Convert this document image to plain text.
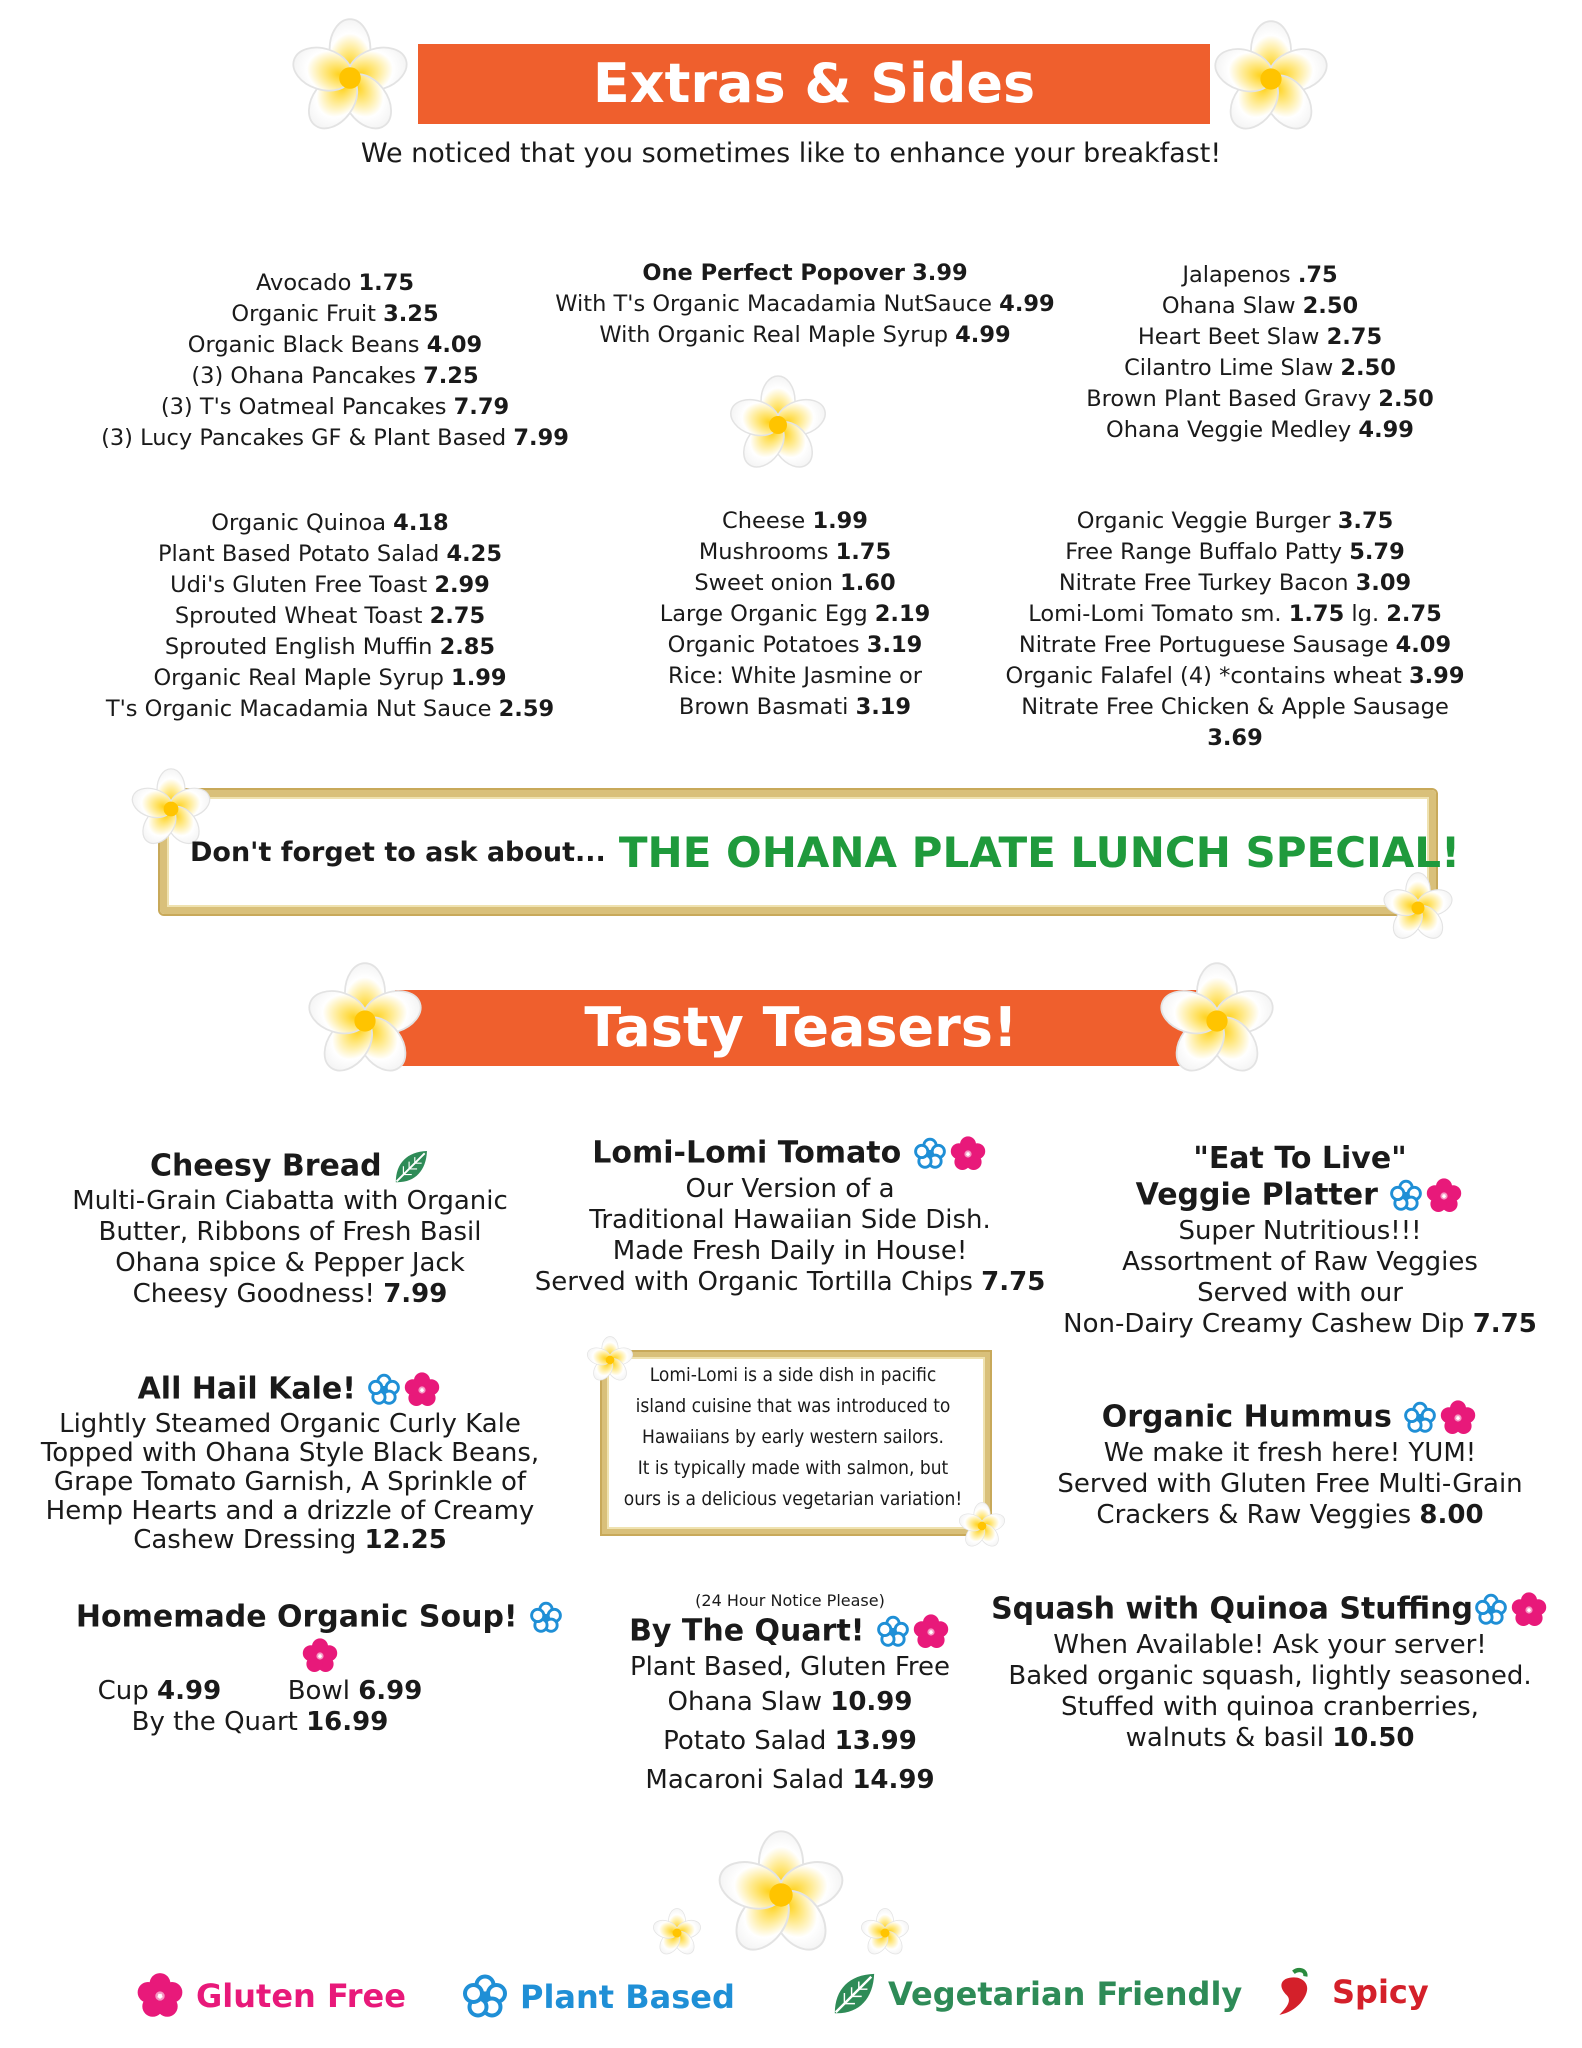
Extras & Sides
We noticed that you sometimes like to enhance your breakfast!
Avocado 1.75
Organic Fruit 3.25
Organic Black Beans 4.09
(3) Ohana Pancakes 7.25
(3) T's Oatmeal Pancakes 7.79
(3) Lucy Pancakes GF & Plant Based 7.99
One Perfect Popover 3.99
With T's Organic Macadamia NutSauce 4.99
With Organic Real Maple Syrup 4.99
Jalapenos .75
Ohana Slaw 2.50
Heart Beet Slaw 2.75
Cilantro Lime Slaw 2.50
Brown Plant Based Gravy 2.50
Ohana Veggie Medley 4.99
Organic Quinoa 4.18
Plant Based Potato Salad 4.25
Udi's Gluten Free Toast 2.99
Sprouted Wheat Toast 2.75
Sprouted English Muffin 2.85
Organic Real Maple Syrup 1.99
T's Organic Macadamia Nut Sauce 2.59
Cheese 1.99
Mushrooms 1.75
Sweet onion 1.60
Large Organic Egg 2.19
Organic Potatoes 3.19
Rice: White Jasmine or
Brown Basmati 3.19
Organic Veggie Burger 3.75
Free Range Buffalo Patty 5.79
Nitrate Free Turkey Bacon 3.09
Lomi-Lomi Tomato sm. 1.75 lg. 2.75
Nitrate Free Portuguese Sausage 4.09
Organic Falafel (4) *contains wheat 3.99
Nitrate Free Chicken & Apple Sausage 3.69
Don't forget to ask about... THE OHANA PLATE LUNCH SPECIAL!
Tasty Teasers!
Cheesy Bread
Multi-Grain Ciabatta with Organic
Butter, Ribbons of Fresh Basil
Ohana spice & Pepper Jack
Cheesy Goodness! 7.99
Lomi-Lomi Tomato
Our Version of a
Traditional Hawaiian Side Dish.
Made Fresh Daily in House!
Served with Organic Tortilla Chips 7.75
"Eat To Live"
Veggie Platter
Super Nutritious!!!
Assortment of Raw Veggies
Served with our
Non-Dairy Creamy Cashew Dip 7.75
All Hail Kale!
Lightly Steamed Organic Curly Kale
Topped with Ohana Style Black Beans,
Grape Tomato Garnish, A Sprinkle of
Hemp Hearts and a drizzle of Creamy
Cashew Dressing 12.25
Lomi-Lomi is a side dish in pacific
island cuisine that was introduced to
Hawaiians by early western sailors.
It is typically made with salmon, but
ours is a delicious vegetarian variation!
Organic Hummus
We make it fresh here! YUM!
Served with Gluten Free Multi-Grain
Crackers & Raw Veggies 8.00
Homemade Organic Soup!
Cup 4.99	Bowl 6.99
By the Quart 16.99
(24 Hour Notice Please)
By The Quart!
Plant Based, Gluten Free
Ohana Slaw 10.99
Potato Salad 13.99
Macaroni Salad 14.99
Squash with Quinoa Stuffing
When Available! Ask your server!
Baked organic squash, lightly seasoned.
Stuffed with quinoa cranberries,
walnuts & basil 10.50
Gluten Free	Plant Based	Vegetarian Friendly	Spicy
